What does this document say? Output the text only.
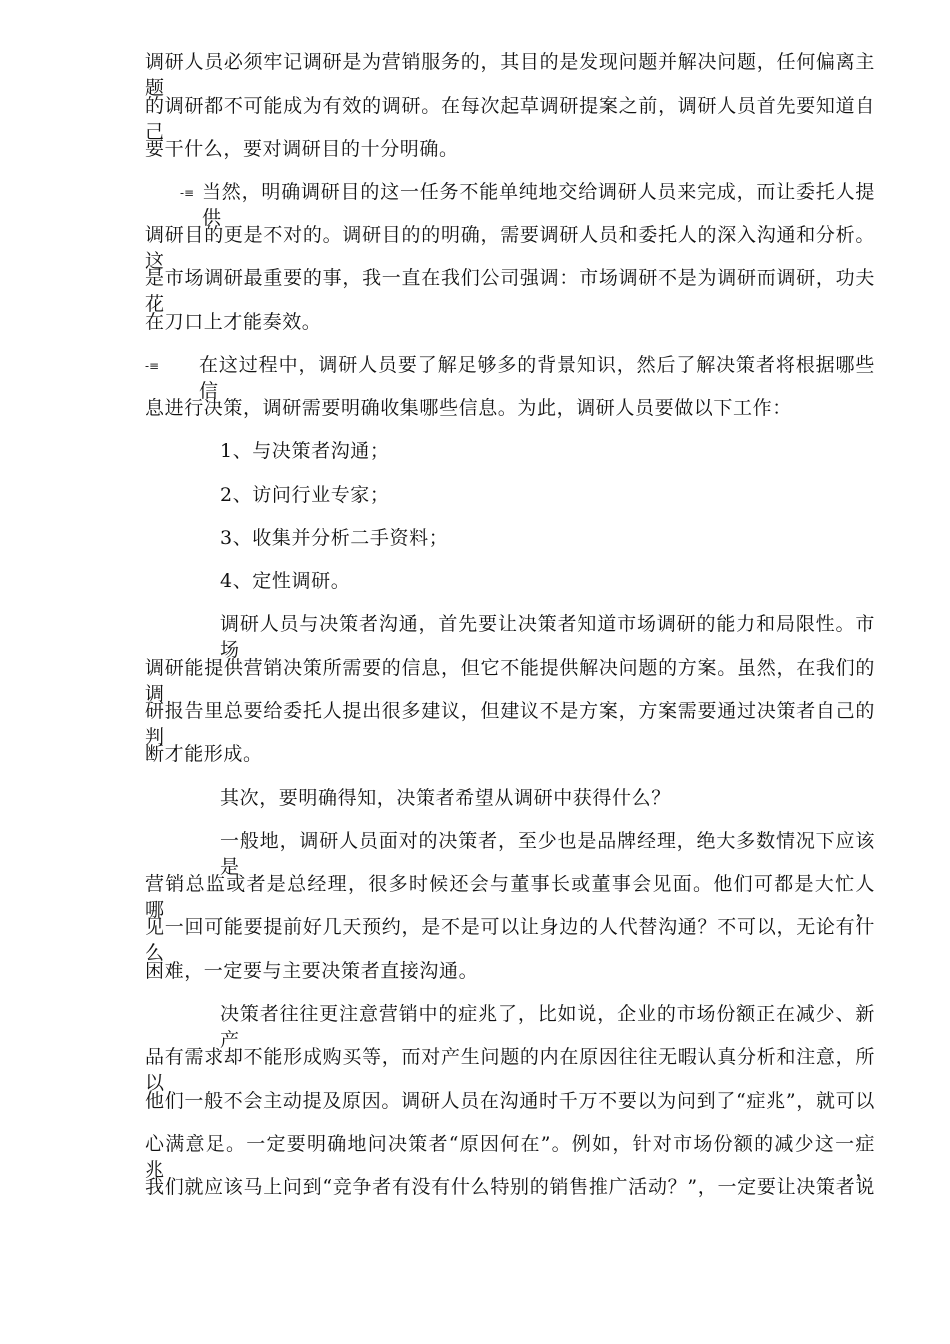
调研人员必须牢记调研是为营销服务的，其目的是发现问题并解决问题，任何偏离主题
的调研都不可能成为有效的调研。在每次起草调研提案之前，调研人员首先要知道自己
要干什么，要对调研目的十分明确。
-≡ 当然，明确调研目的这一任务不能单纯地交给调研人员来完成，而让委托人提供
调研目的更是不对的。调研目的的明确，需要调研人员和委托人的深入沟通和分析。这
是市场调研最重要的事，我一直在我们公司强调：市场调研不是为调研而调研，功夫花
在刀口上才能奏效。
-≡	在这过程中，调研人员要了解足够多的背景知识，然后了解决策者将根据哪些信
息进行决策，调研需要明确收集哪些信息。为此，调研人员要做以下工作：
1、与决策者沟通；
2、访问行业专家；
3、收集并分析二手资料；
4、定性调研。
调研人员与决策者沟通，首先要让决策者知道市场调研的能力和局限性。市场
调研能提供营销决策所需要的信息，但它不能提供解决问题的方案。虽然，在我们的调
研报告里总要给委托人提出很多建议，但建议不是方案，方案需要通过决策者自己的判
断才能形成。
其次，要明确得知，决策者希望从调研中获得什么？
一般地，调研人员面对的决策者，至少也是品牌经理，绝大多数情况下应该是
营销总监或者是总经理，很多时候还会与董事长或董事会见面。他们可都是大忙人哪，
见一回可能要提前好几天预约，是不是可以让身边的人代替沟通？不可以，无论有什么
困难，一定要与主要决策者直接沟通。
决策者往往更注意营销中的症兆了，比如说，企业的市场份额正在减少、新产
品有需求却不能形成购买等，而对产生问题的内在原因往往无暇认真分析和注意，所以
他们一般不会主动提及原因。调研人员在沟通时千万不要以为问到了“症兆”，就可以
心满意足。一定要明确地问决策者“原因何在”。例如，针对市场份额的减少这一症兆，
我们就应该马上问到“竞争者有没有什么特别的销售推广活动？”，一定要让决策者说
